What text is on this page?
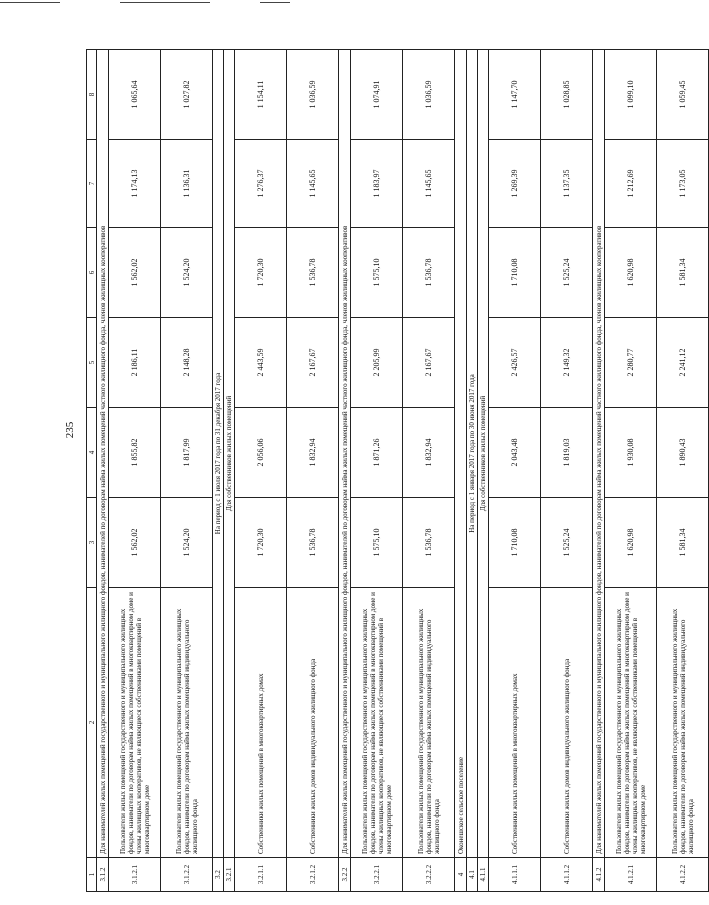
235
1	2	3	4	5	6	7	8
3.1.2	Для нанимателей жилых помещений государственного и муниципального жилищного фондов, нанимателей по договорам найма жилых помещений частного жилищного фонда, членов жилищных кооперативов						
3.1.2.1	Пользователи жилых помещений государственного и муниципального жилищных фондов, наниматели по договорам найма жилых помещений в многоквартирном доме и члены жилищных кооперативов, не являющиеся собственниками помещений в многоквартирном доме	1 562,02	1 855,82	2 186,11	1 562,02	1 174,13	1 065,64
3.1.2.2	Пользователи жилых помещений государственного и муниципального жилищных фондов, наниматели по договорам найма жилых помещений индивидуального жилищного фонда	1 524,20	1 817,99	2 148,28	1 524,20	1 136,31	1 027,82
3.2	На период с 1 июля 2017 года по 31 декабря 2017 года						
3.2.1	Для собственников жилых помещений						
3.2.1.1	Собственники жилых помещений в многоквартирных домах	1 720,30	2 056,06	2 443,59	1 720,30	1 276,37	1 154,11
3.2.1.2	Собственники жилых домов индивидуального жилищного фонда	1 536,78	1 832,94	2 167,67	1 536,78	1 145,65	1 036,59
3.2.2	Для нанимателей жилых помещений государственного и муниципального жилищного фондов, нанимателей по договорам найма жилых помещений частного жилищного фонда, членов жилищных кооперативов						
3.2.2.1	Пользователи жилых помещений государственного и муниципального жилищных фондов, наниматели по договорам найма жилых помещений в многоквартирном доме и члены жилищных кооперативов, не являющиеся собственниками помещений в многоквартирном доме	1 575,10	1 871,26	2 205,99	1 575,10	1 183,97	1 074,91
3.2.2.2	Пользователи жилых помещений государственного и муниципального жилищных фондов, наниматели по договорам найма жилых помещений индивидуального жилищного фонда	1 536,78	1 832,94	2 167,67	1 536,78	1 145,65	1 036,59
4	Оконешское сельское поселение						
4.1	На период с 1 января 2017 года по 30 июня 2017 года						
4.1.1	Для собственников жилых помещений						
4.1.1.1	Собственники жилых помещений в многоквартирных домах	1 710,08	2 043,48	2 426,57	1 710,08	1 269,39	1 147,70
4.1.1.2	Собственники жилых домов индивидуального жилищного фонда	1 525,24	1 819,03	2 149,32	1 525,24	1 137,35	1 028,85
4.1.2	Для нанимателей жилых помещений государственного и муниципального жилищного фондов, нанимателей по договорам найма жилых помещений частного жилищного фонда, членов жилищных кооперативов						
4.1.2.1	Пользователи жилых помещений государственного и муниципального жилищных фондов, наниматели по договорам найма жилых помещений в многоквартирном доме и члены жилищных кооперативов, не являющиеся собственниками помещений в многоквартирном доме	1 620,98	1 930,08	2 280,77	1 620,98	1 212,69	1 099,10
4.1.2.2	Пользователи жилых помещений государственного и муниципального жилищных фондов, наниматели по договорам найма жилых помещений индивидуального жилищного фонда	1 581,34	1 890,43	2 241,12	1 581,34	1 173,05	1 059,45
